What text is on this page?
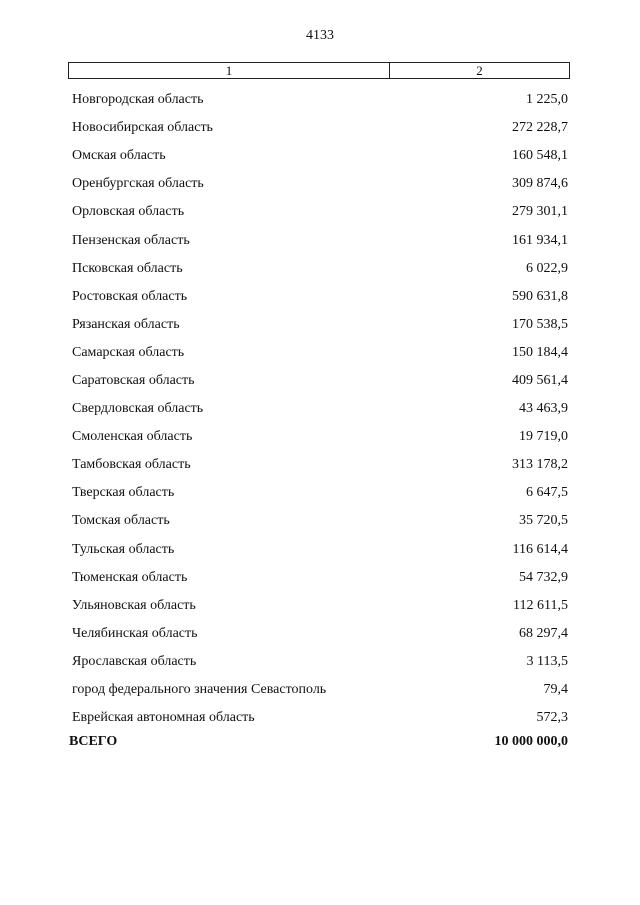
4133
1	2
Новгородская область	1 225,0
Новосибирская область	272 228,7
Омская область	160 548,1
Оренбургская область	309 874,6
Орловская область	279 301,1
Пензенская область	161 934,1
Псковская область	6 022,9
Ростовская область	590 631,8
Рязанская область	170 538,5
Самарская область	150 184,4
Саратовская область	409 561,4
Свердловская область	43 463,9
Смоленская область	19 719,0
Тамбовская область	313 178,2
Тверская область	6 647,5
Томская область	35 720,5
Тульская область	116 614,4
Тюменская область	54 732,9
Ульяновская область	112 611,5
Челябинская область	68 297,4
Ярославская область	3 113,5
город федерального значения Севастополь	79,4
Еврейская автономная область	572,3
ВСЕГО	10 000 000,0
